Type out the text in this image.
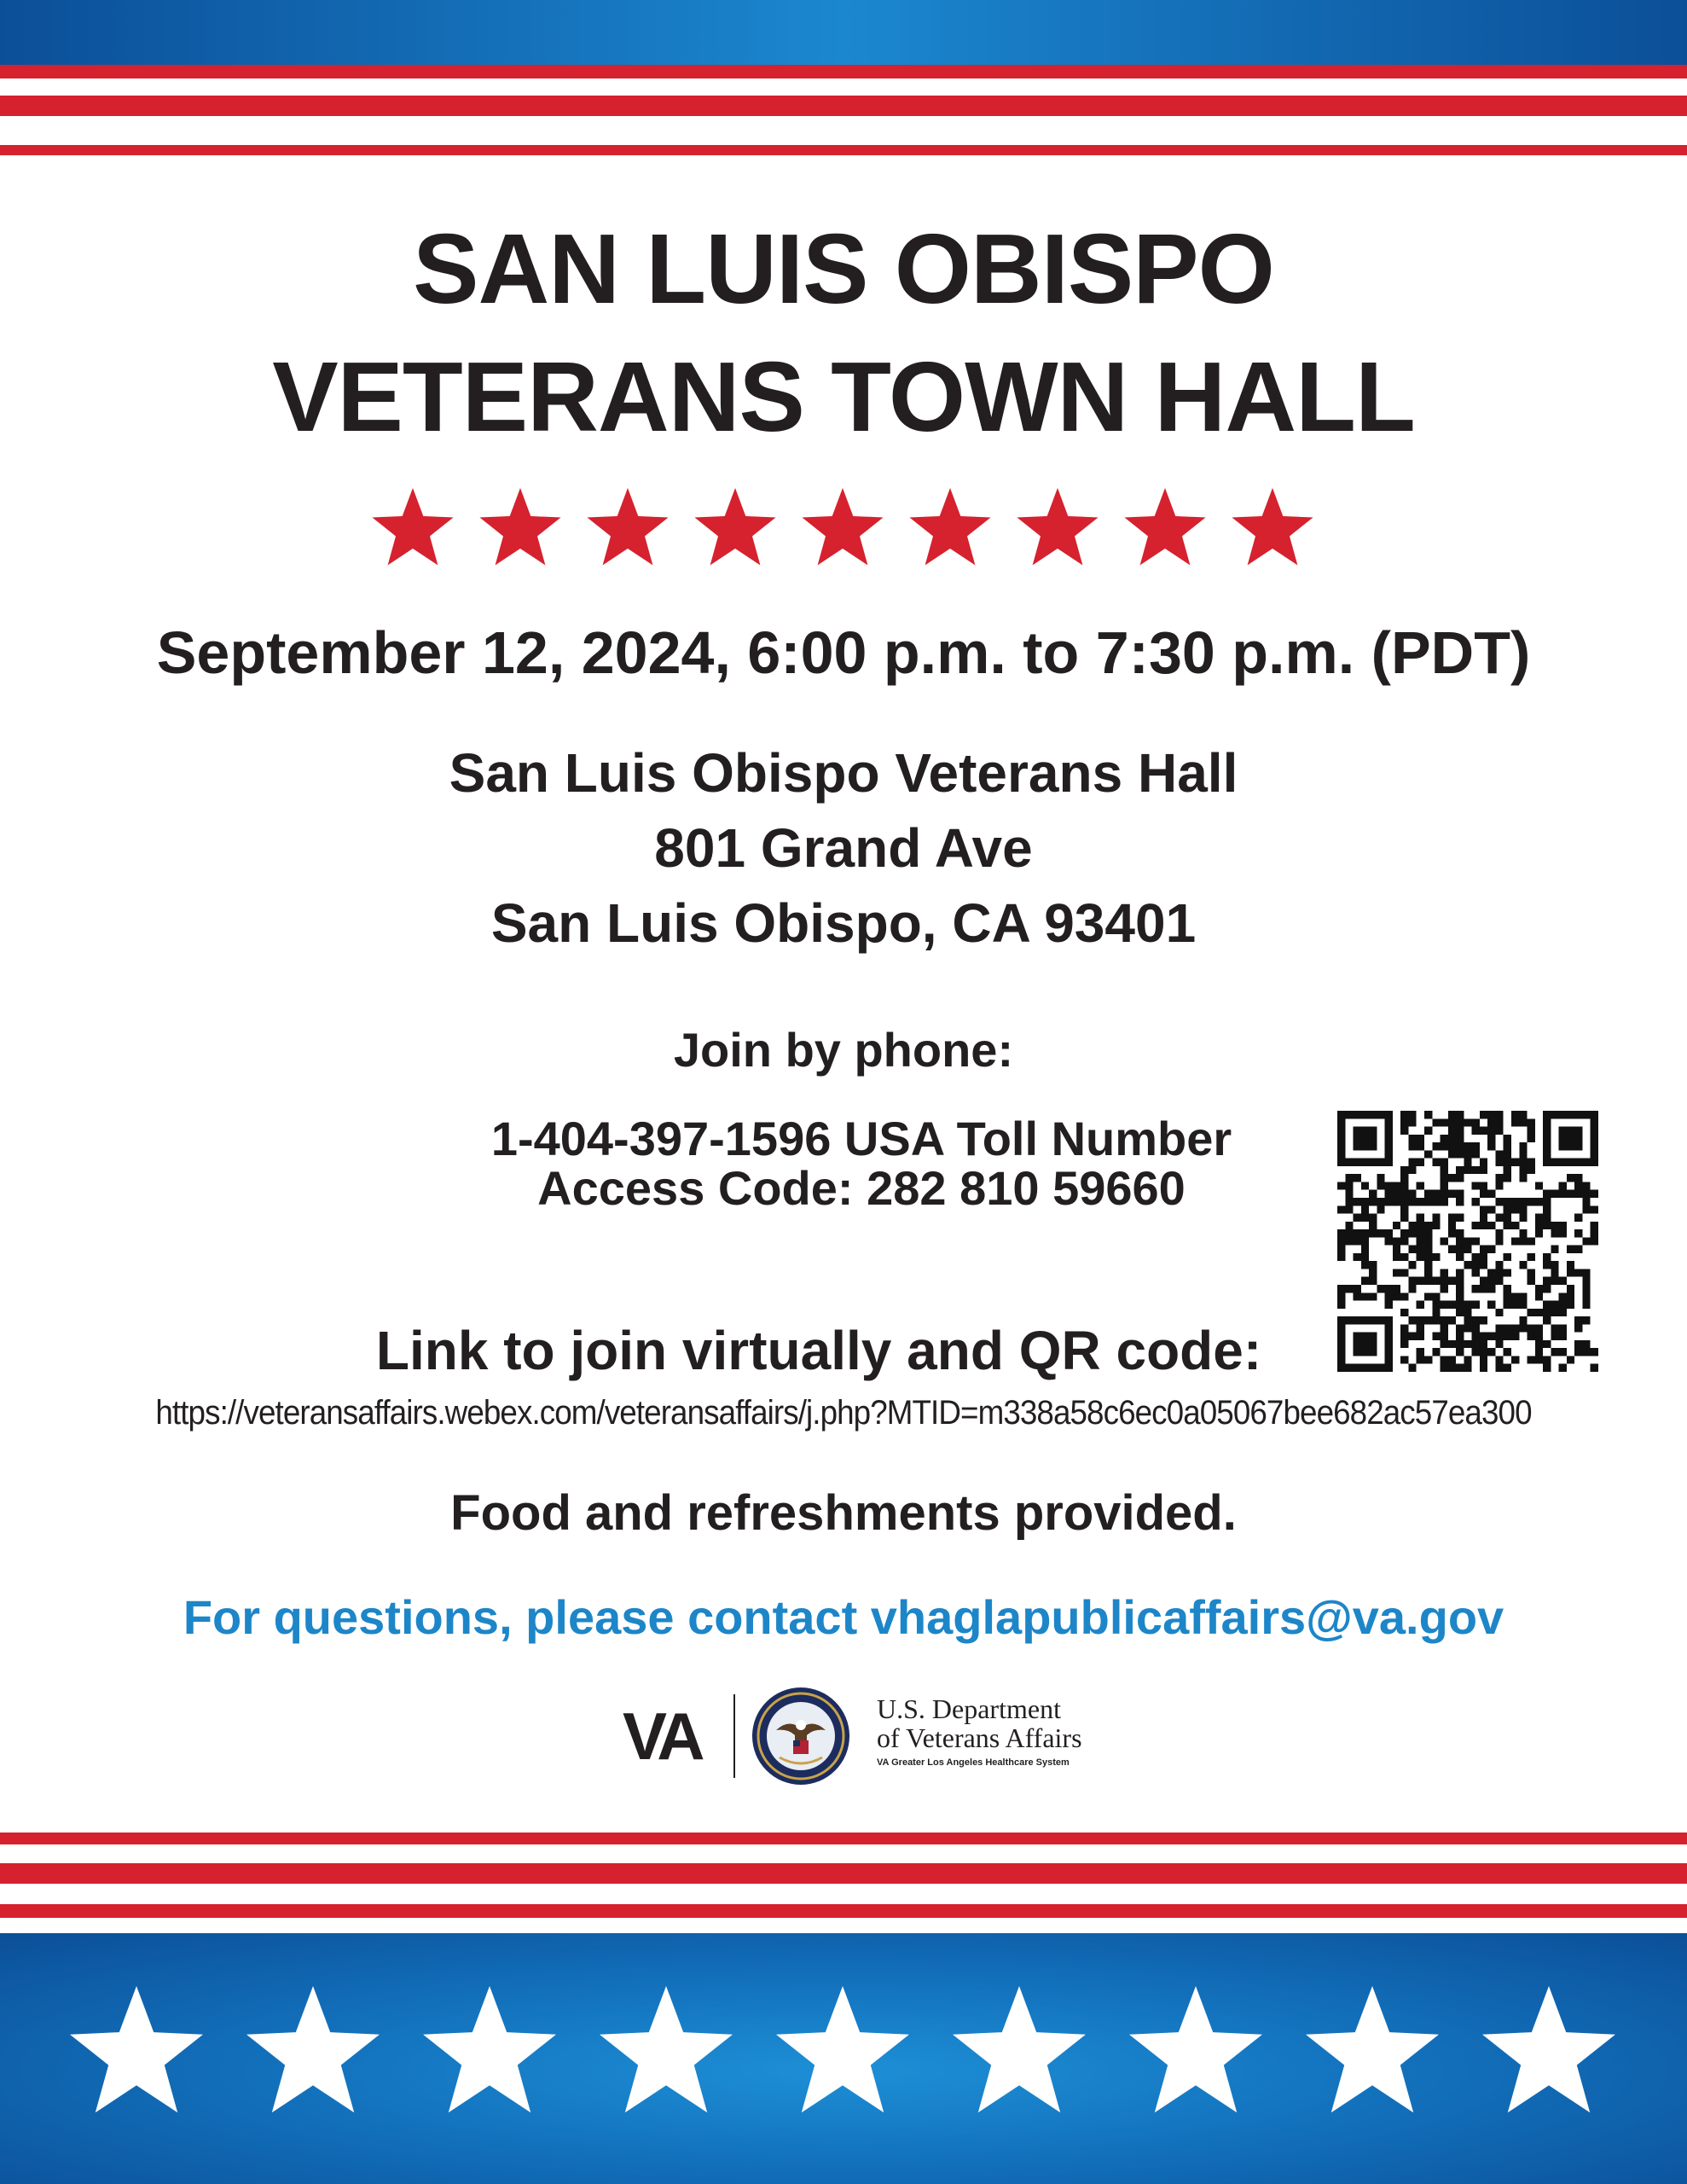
SAN LUIS OBISPO
VETERANS TOWN HALL
September 12, 2024, 6:00 p.m. to 7:30 p.m. (PDT)
San Luis Obispo Veterans Hall
801 Grand Ave
San Luis Obispo, CA 93401
Join by phone:
1-404-397-1596 USA Toll Number
Access Code: 282 810 59660
Link to join virtually and QR code:
https://veteransaffairs.webex.com/veteransaffairs/j.php?MTID=m338a58c6ec0a05067bee682ac57ea300
Food and refreshments provided.
For questions, please contact vhaglapublicaffairs@va.gov
VA	U.S. Department
of Veterans Affairs
VA Greater Los Angeles Healthcare System
